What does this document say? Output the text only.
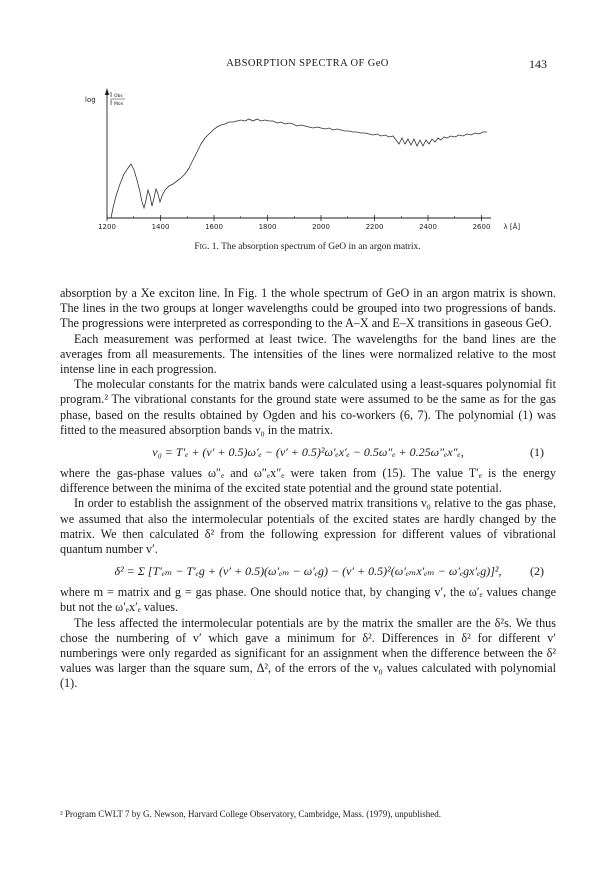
ABSORPTION SPECTRA OF GeO	143
log
I Obs
I Mon
1200	1400	1600	1800	2000	2200	2400	2600 λ [Å]
Fig. 1. The absorption spectrum of GeO in an argon matrix.

absorption by a Xe exciton line. In Fig. 1 the whole spectrum of GeO in an argon matrix is shown. The lines in the two groups at longer wavelengths could be grouped into two progressions of bands. The progressions were interpreted as corresponding to the A–X and E–X transitions in gaseous GeO.

Each measurement was performed at least twice. The wavelengths for the band lines are the averages from all measurements. The intensities of the lines were normalized relative to the most intense line in each progression.

The molecular constants for the matrix bands were calculated using a least-squares polynomial fit program.² The vibrational constants for the ground state were assumed to be the same as for the gas phase, based on the results obtained by Ogden and his co-workers (6, 7). The polynomial (1) was fitted to the measured absorption bands ν₀ in the matrix.

ν₀ = T′ₑ + (v′ + 0.5)ω′ₑ − (v′ + 0.5)²ω′ₑx′ₑ − 0.5ω″ₑ + 0.25ω″ₑx″ₑ,	(1)

where the gas-phase values ω″ₑ and ω″ₑx″ₑ were taken from (15). The value T′ₑ is the energy difference between the minima of the excited state potential and the ground state potential.

In order to establish the assignment of the observed matrix transitions ν₀ relative to the gas phase, we assumed that also the intermolecular potentials of the excited states are hardly changed by the matrix. We then calculated δ² from the following expression for different values of vibrational quantum number v′.

δ² = Σ [T′ₑₘ − T′ₑg + (v′ + 0.5)(ω′ₑₘ − ω′ₑg) − (v′ + 0.5)²(ω′ₑₘx′ₑₘ − ω′ₑgx′ₑg)]², (2)

where m = matrix and g = gas phase. One should notice that, by changing v′, the ω′ₑ values change but not the ω′ₑx′ₑ values.

The less affected the intermolecular potentials are by the matrix the smaller are the δ²s. We thus chose the numbering of v′ which gave a minimum for δ². Differences in δ² for different v′ numberings were only regarded as significant for an assignment when the difference between the δ² values was larger than the square sum, Δ², of the errors of the ν₀ values calculated with polynomial (1).

² Program CWLT 7 by G. Newson, Harvard College Observatory, Cambridge, Mass. (1979), unpublished.
